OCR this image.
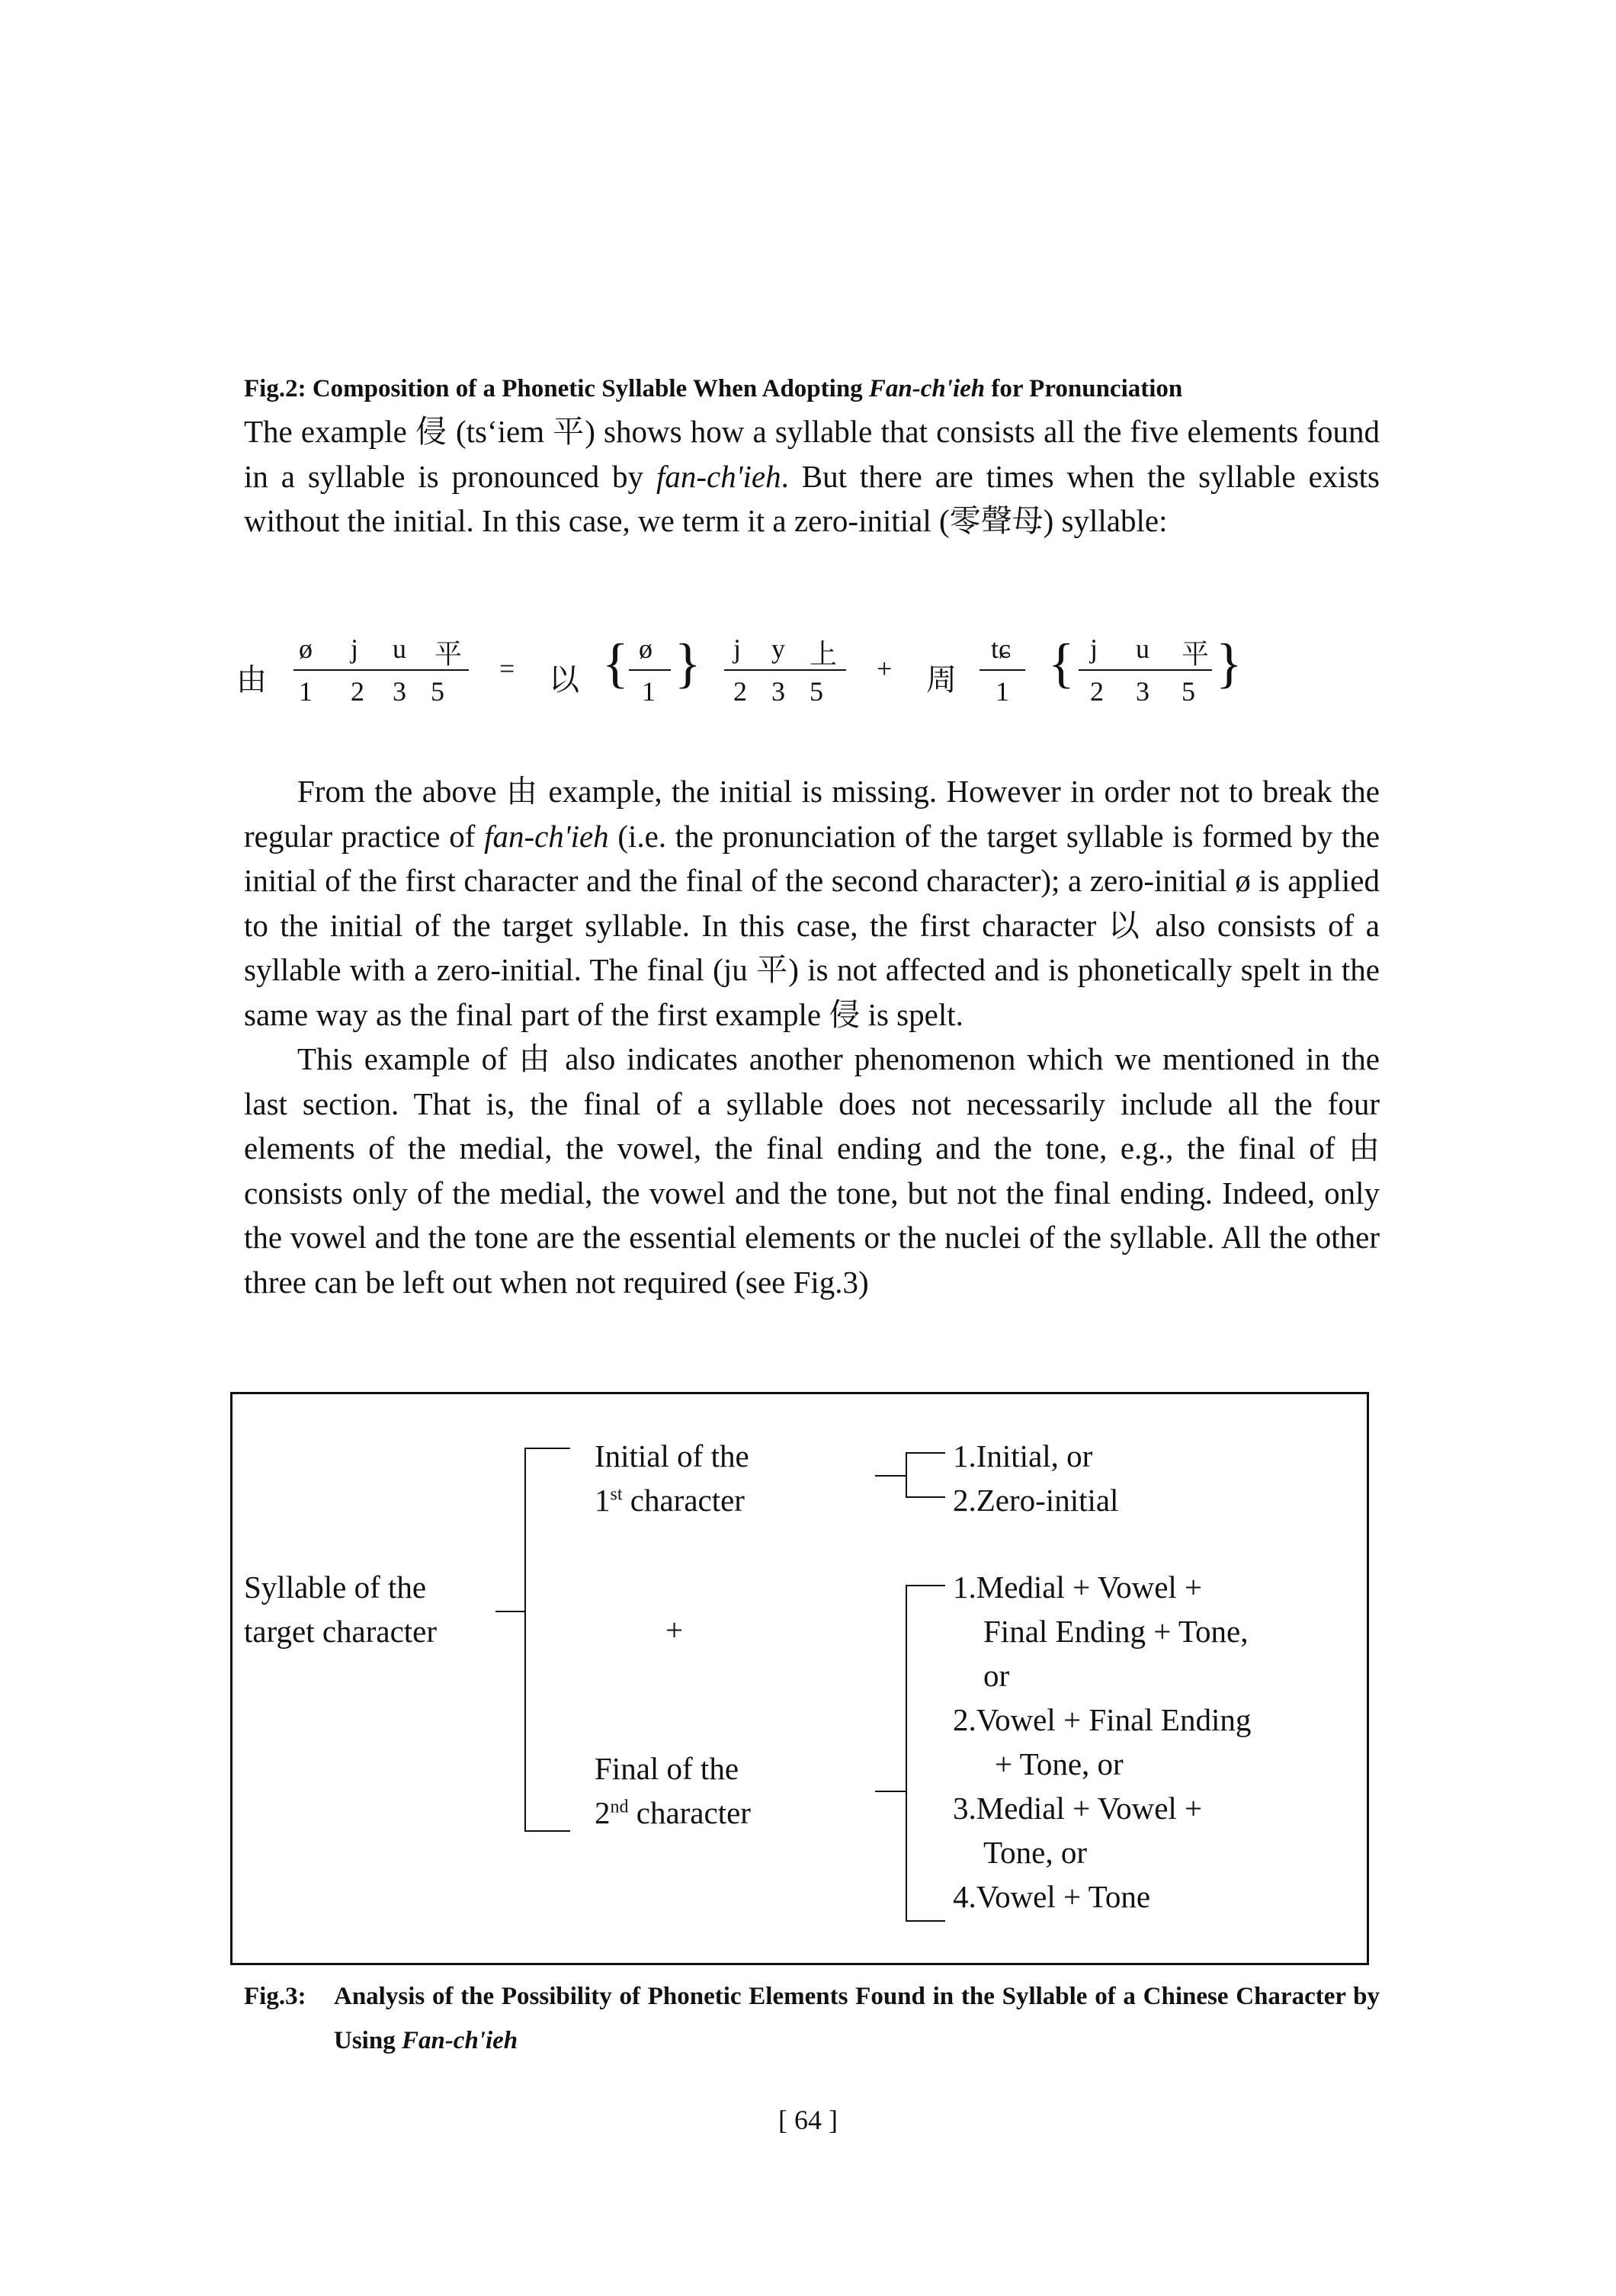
Fig.2: Composition of a Phonetic Syllable When Adopting Fan-ch'ieh for Pronunciation

The example 侵 (ts‘iem 平) shows how a syllable that consists all the five elements found in a syllable is pronounced by fan-ch'ieh. But there are times when the syllable exists without the initial. In this case, we term it a zero-initial (零聲母) syllable:

由
ø j u 平
1 2 3 5
= 以 { ø
1 } j y 上
2 3 5
+ 周
tɕ
1 { j u 平
2 3 5 }

From the above 由 example, the initial is missing. However in order not to break the regular practice of fan-ch'ieh (i.e. the pronunciation of the target syllable is formed by the initial of the first character and the final of the second character); a zero-initial ø is applied to the initial of the target syllable. In this case, the first character 以 also consists of a syllable with a zero-initial. The final (ju 平) is not affected and is phonetically spelt in the same way as the final part of the first example 侵 is spelt.

This example of 由 also indicates another phenomenon which we mentioned in the last section. That is, the final of a syllable does not necessarily include all the four elements of the medial, the vowel, the final ending and the tone, e.g., the final of 由 consists only of the medial, the vowel and the tone, but not the final ending. Indeed, only the vowel and the tone are the essential elements or the nuclei of the syllable. All the other three can be left out when not required (see Fig.3)

Syllable of the
target character
Initial of the
1st character
+
Final of the
2nd character
1.Initial, or
2.Zero-initial
1.Medial + Vowel +
Final Ending + Tone,
or
2.Vowel + Final Ending
+ Tone, or
3.Medial + Vowel +
Tone, or
4.Vowel + Tone
Fig.3:	Analysis of the Possibility of Phonetic Elements Found in the Syllable of a Chinese Character by Using Fan-ch'ieh
[ 64 ]
